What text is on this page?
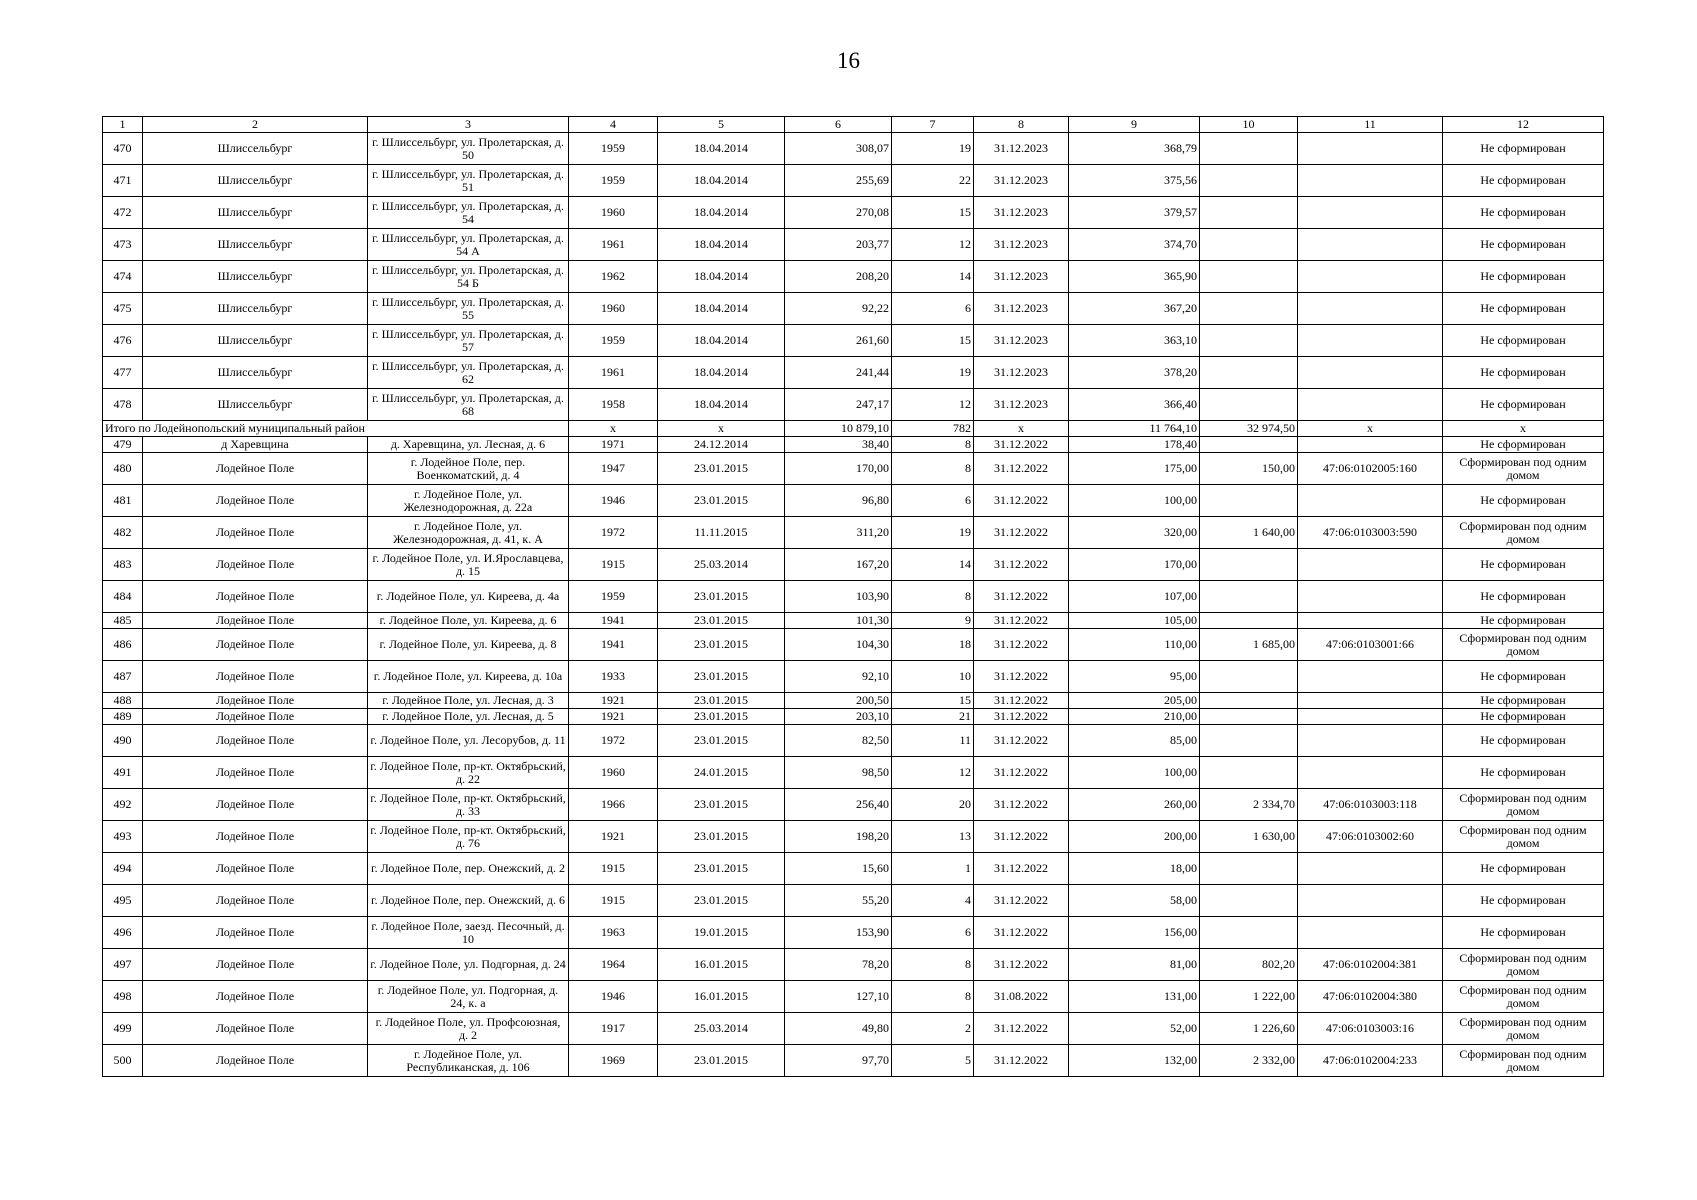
16
1	2	3	4	5	6	7	8	9	10	11	12
470	Шлиссельбург	г. Шлиссельбург, ул. Пролетарская, д. 50	1959	18.04.2014	308,07	19	31.12.2023	368,79			Не сформирован
471	Шлиссельбург	г. Шлиссельбург, ул. Пролетарская, д. 51	1959	18.04.2014	255,69	22	31.12.2023	375,56			Не сформирован
472	Шлиссельбург	г. Шлиссельбург, ул. Пролетарская, д. 54	1960	18.04.2014	270,08	15	31.12.2023	379,57			Не сформирован
473	Шлиссельбург	г. Шлиссельбург, ул. Пролетарская, д. 54 А	1961	18.04.2014	203,77	12	31.12.2023	374,70			Не сформирован
474	Шлиссельбург	г. Шлиссельбург, ул. Пролетарская, д. 54 Б	1962	18.04.2014	208,20	14	31.12.2023	365,90			Не сформирован
475	Шлиссельбург	г. Шлиссельбург, ул. Пролетарская, д. 55	1960	18.04.2014	92,22	6	31.12.2023	367,20			Не сформирован
476	Шлиссельбург	г. Шлиссельбург, ул. Пролетарская, д. 57	1959	18.04.2014	261,60	15	31.12.2023	363,10			Не сформирован
477	Шлиссельбург	г. Шлиссельбург, ул. Пролетарская, д. 62	1961	18.04.2014	241,44	19	31.12.2023	378,20			Не сформирован
478	Шлиссельбург	г. Шлиссельбург, ул. Пролетарская, д. 68	1958	18.04.2014	247,17	12	31.12.2023	366,40			Не сформирован
Итого по Лодейнопольский муниципальный район			x	x	10 879,10	782	x	11 764,10	32 974,50	x	x
479	д Харевщина	д. Харевщина, ул. Лесная, д. 6	1971	24.12.2014	38,40	8	31.12.2022	178,40			Не сформирован
480	Лодейное Поле	г. Лодейное Поле, пер. Военкоматский, д. 4	1947	23.01.2015	170,00	8	31.12.2022	175,00	150,00	47:06:0102005:160	Сформирован под одним домом
481	Лодейное Поле	г. Лодейное Поле, ул. Железнодорожная, д. 22а	1946	23.01.2015	96,80	6	31.12.2022	100,00			Не сформирован
482	Лодейное Поле	г. Лодейное Поле, ул. Железнодорожная, д. 41, к. А	1972	11.11.2015	311,20	19	31.12.2022	320,00	1 640,00	47:06:0103003:590	Сформирован под одним домом
483	Лодейное Поле	г. Лодейное Поле, ул. И.Ярославцева, д. 15	1915	25.03.2014	167,20	14	31.12.2022	170,00			Не сформирован
484	Лодейное Поле	г. Лодейное Поле, ул. Киреева, д. 4а	1959	23.01.2015	103,90	8	31.12.2022	107,00			Не сформирован
485	Лодейное Поле	г. Лодейное Поле, ул. Киреева, д. 6	1941	23.01.2015	101,30	9	31.12.2022	105,00			Не сформирован
486	Лодейное Поле	г. Лодейное Поле, ул. Киреева, д. 8	1941	23.01.2015	104,30	18	31.12.2022	110,00	1 685,00	47:06:0103001:66	Сформирован под одним домом
487	Лодейное Поле	г. Лодейное Поле, ул. Киреева, д. 10а	1933	23.01.2015	92,10	10	31.12.2022	95,00			Не сформирован
488	Лодейное Поле	г. Лодейное Поле, ул. Лесная, д. 3	1921	23.01.2015	200,50	15	31.12.2022	205,00			Не сформирован
489	Лодейное Поле	г. Лодейное Поле, ул. Лесная, д. 5	1921	23.01.2015	203,10	21	31.12.2022	210,00			Не сформирован
490	Лодейное Поле	г. Лодейное Поле, ул. Лесорубов, д. 11	1972	23.01.2015	82,50	11	31.12.2022	85,00			Не сформирован
491	Лодейное Поле	г. Лодейное Поле, пр-кт. Октябрьский, д. 22	1960	24.01.2015	98,50	12	31.12.2022	100,00			Не сформирован
492	Лодейное Поле	г. Лодейное Поле, пр-кт. Октябрьский, д. 33	1966	23.01.2015	256,40	20	31.12.2022	260,00	2 334,70	47:06:0103003:118	Сформирован под одним домом
493	Лодейное Поле	г. Лодейное Поле, пр-кт. Октябрьский, д. 76	1921	23.01.2015	198,20	13	31.12.2022	200,00	1 630,00	47:06:0103002:60	Сформирован под одним домом
494	Лодейное Поле	г. Лодейное Поле, пер. Онежский, д. 2	1915	23.01.2015	15,60	1	31.12.2022	18,00			Не сформирован
495	Лодейное Поле	г. Лодейное Поле, пер. Онежский, д. 6	1915	23.01.2015	55,20	4	31.12.2022	58,00			Не сформирован
496	Лодейное Поле	г. Лодейное Поле, заезд. Песочный, д. 10	1963	19.01.2015	153,90	6	31.12.2022	156,00			Не сформирован
497	Лодейное Поле	г. Лодейное Поле, ул. Подгорная, д. 24	1964	16.01.2015	78,20	8	31.12.2022	81,00	802,20	47:06:0102004:381	Сформирован под одним домом
498	Лодейное Поле	г. Лодейное Поле, ул. Подгорная, д. 24, к. а	1946	16.01.2015	127,10	8	31.08.2022	131,00	1 222,00	47:06:0102004:380	Сформирован под одним домом
499	Лодейное Поле	г. Лодейное Поле, ул. Профсоюзная, д. 2	1917	25.03.2014	49,80	2	31.12.2022	52,00	1 226,60	47:06:0103003:16	Сформирован под одним домом
500	Лодейное Поле	г. Лодейное Поле, ул. Республиканская, д. 106	1969	23.01.2015	97,70	5	31.12.2022	132,00	2 332,00	47:06:0102004:233	Сформирован под одним домом
